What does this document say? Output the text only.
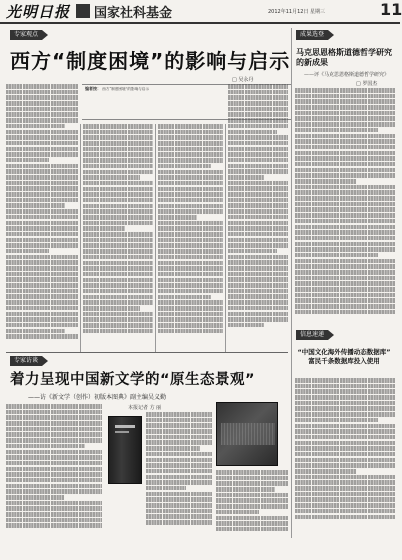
光明日报 国家社科基金	2012年11月12日 星期三	11
专家观点
西方“制度困境”的影响与启示
□ 吴永丹
编者按： 西方“制度困境”的影响与启示
成果选登
马克思恩格斯道德哲学研究的新成果
——评《马克思恩格斯道德哲学研究》
□ 罗国杰
信息速递
“中国文化海外传播动态数据库”
富民千条数据库投入使用
专家访谈
着力呈现中国新文学的“原生态景观”
——访《新文学（创作）初版本图典》副主编吴义勤
本报记者 方 丽
